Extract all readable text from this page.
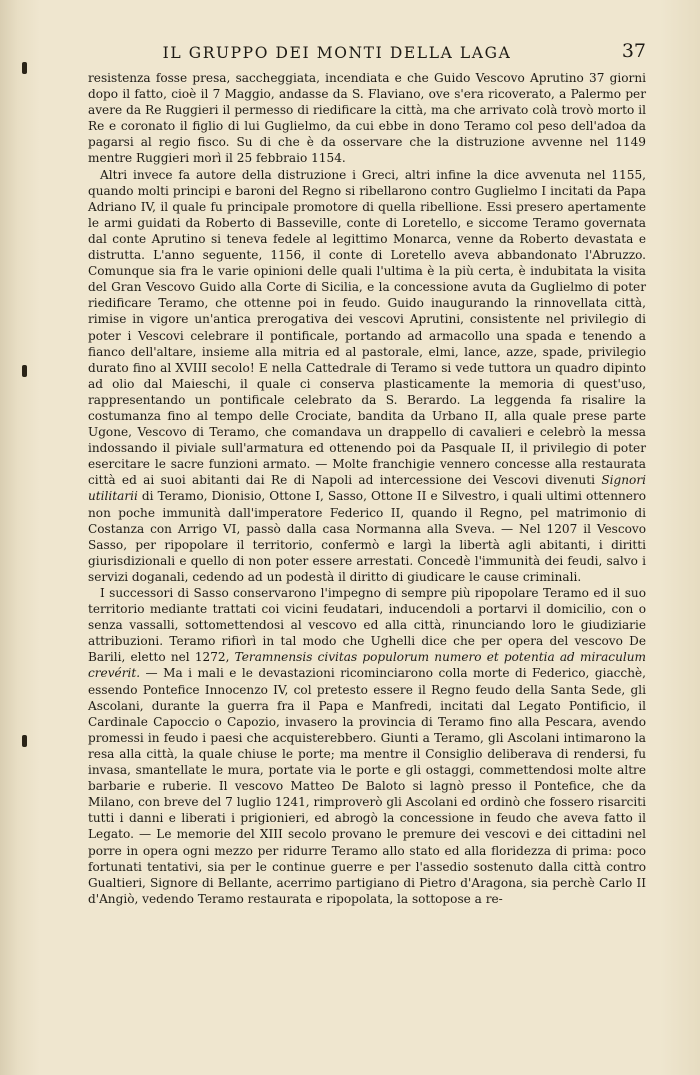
IL GRUPPO DEI MONTI DELLA LAGA	37

resistenza fosse presa, saccheggiata, incendiata e che Guido Vescovo Aprutino 37 giorni dopo il fatto, cioè il 7 Maggio, andasse da S. Flaviano, ove s'era ricoverato, a Palermo per avere da Re Ruggieri il permesso di riedificare la città, ma che arrivato colà trovò morto il Re e coronato il figlio di lui Guglielmo, da cui ebbe in dono Teramo col peso dell'adoa da pagarsi al regio fisco. Su di che è da osservare che la distruzione avvenne nel 1149 mentre Ruggieri morì il 25 febbraio 1154.

Altri invece fa autore della distruzione i Greci, altri infine la dice avvenuta nel 1155, quando molti principi e baroni del Regno si ribellarono contro Guglielmo I incitati da Papa Adriano IV, il quale fu principale promotore di quella ribellione. Essi presero apertamente le armi guidati da Roberto di Basseville, conte di Loretello, e siccome Teramo governata dal conte Aprutino si teneva fedele al legittimo Monarca, venne da Roberto devastata e distrutta. L'anno seguente, 1156, il conte di Loretello aveva abbandonato l'Abruzzo. Comunque sia fra le varie opinioni delle quali l'ultima è la più certa, è indubitata la visita del Gran Vescovo Guido alla Corte di Sicilia, e la concessione avuta da Guglielmo di poter riedificare Teramo, che ottenne poi in feudo. Guido inaugurando la rinnovellata città, rimise in vigore un'antica prerogativa dei vescovi Aprutini, consistente nel privilegio di poter i Vescovi celebrare il pontificale, portando ad armacollo una spada e tenendo a fianco dell'altare, insieme alla mitria ed al pastorale, elmi, lance, azze, spade, privilegio durato fino al XVIII secolo! E nella Cattedrale di Teramo si vede tuttora un quadro dipinto ad olio dal Maieschi, il quale ci conserva plasticamente la memoria di quest'uso, rappresentando un pontificale celebrato da S. Berardo. La leggenda fa risalire la costumanza fino al tempo delle Crociate, bandita da Urbano II, alla quale prese parte Ugone, Vescovo di Teramo, che comandava un drappello di cavalieri e celebrò la messa indossando il piviale sull'armatura ed ottenendo poi da Pasquale II, il privilegio di poter esercitare le sacre funzioni armato. — Molte franchigie vennero concesse alla restaurata città ed ai suoi abitanti dai Re di Napoli ad intercessione dei Vescovi divenuti Signori utilitarii di Teramo, Dionisio, Ottone I, Sasso, Ottone II e Silvestro, i quali ultimi ottennero non poche immunità dall'imperatore Federico II, quando il Regno, pel matrimonio di Costanza con Arrigo VI, passò dalla casa Normanna alla Sveva. — Nel 1207 il Vescovo Sasso, per ripopolare il territorio, confermò e largì la libertà agli abitanti, i diritti giurisdizionali e quello di non poter essere arrestati. Concedè l'immunità dei feudi, salvo i servizi doganali, cedendo ad un podestà il diritto di giudicare le cause criminali.

I successori di Sasso conservarono l'impegno di sempre più ripopolare Teramo ed il suo territorio mediante trattati coi vicini feudatari, inducendoli a portarvi il domicilio, con o senza vassalli, sottomettendosi al vescovo ed alla città, rinunciando loro le giudiziarie attribuzioni. Teramo rifiorì in tal modo che Ughelli dice che per opera del vescovo De Barili, eletto nel 1272, Teramnensis civitas populorum numero et potentia ad miraculum crevérit. — Ma i mali e le devastazioni ricominciarono colla morte di Federico, giacchè, essendo Pontefice Innocenzo IV, col pretesto essere il Regno feudo della Santa Sede, gli Ascolani, durante la guerra fra il Papa e Manfredi, incitati dal Legato Pontificio, il Cardinale Capoccio o Capozio, invasero la provincia di Teramo fino alla Pescara, avendo promessi in feudo i paesi che acquisterebbero. Giunti a Teramo, gli Ascolani intimarono la resa alla città, la quale chiuse le porte; ma mentre il Consiglio deliberava di rendersi, fu invasa, smantellate le mura, portate via le porte e gli ostaggi, commettendosi molte altre barbarie e ruberie. Il vescovo Matteo De Baloto si lagnò presso il Pontefice, che da Milano, con breve del 7 luglio 1241, rimproverò gli Ascolani ed ordinò che fossero risarciti tutti i danni e liberati i prigionieri, ed abrogò la concessione in feudo che aveva fatto il Legato. — Le memorie del XIII secolo provano le premure dei vescovi e dei cittadini nel porre in opera ogni mezzo per ridurre Teramo allo stato ed alla floridezza di prima: poco fortunati tentativi, sia per le continue guerre e per l'assedio sostenuto dalla città contro Gualtieri, Signore di Bellante, acerrimo partigiano di Pietro d'Aragona, sia perchè Carlo II d'Angiò, vedendo Teramo restaurata e ripopolata, la sottopose a re-
